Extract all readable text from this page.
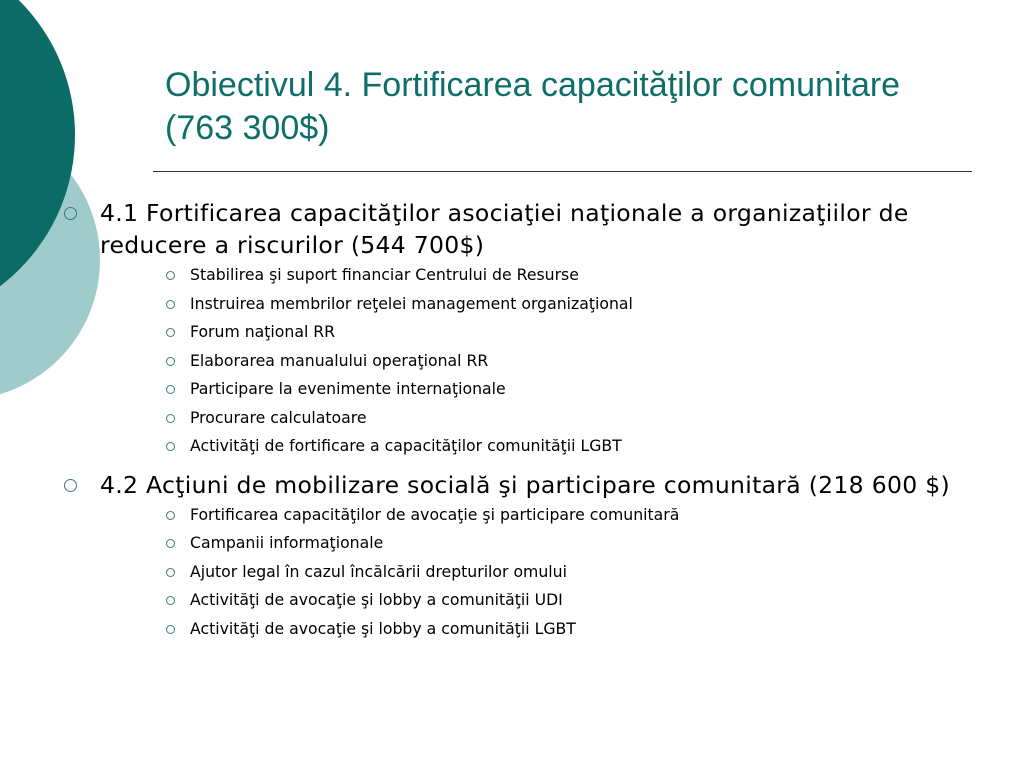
Obiectivul 4. Fortificarea capacităţilor comunitare (763 300$)
4.1 Fortificarea capacităţilor asociaţiei naţionale a organizaţiilor de reducere a riscurilor (544 700$)
Stabilirea şi suport financiar Centrului de Resurse
Instruirea membrilor reţelei management organizaţional
Forum naţional RR
Elaborarea manualului operaţional RR
Participare la evenimente internaţionale
Procurare calculatoare
Activităţi de fortificare a capacităţilor comunităţii LGBT
4.2 Acţiuni de mobilizare socială şi participare comunitară (218 600 $)
Fortificarea capacităţilor de avocaţie şi participare comunitară
Campanii informaţionale
Ajutor legal în cazul încălcării drepturilor omului
Activităţi de avocaţie şi lobby a comunităţii UDI
Activităţi de avocaţie şi lobby a comunităţii LGBT
